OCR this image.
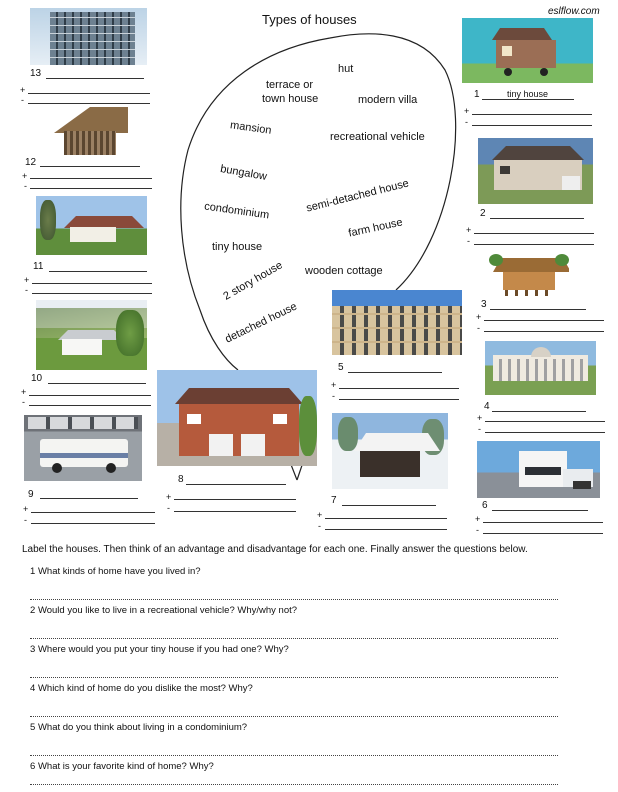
Types of houses
eslflow.com
hut
terrace or
town house	modern villa
mansion
recreational vehicle
bungalow
semi-detached house
condominium
farm house
tiny house
2 story house wooden cottage
detached house
13
+
-
12
+
-
11
+
-
10
+
-
9
+
-
8
+
-
5
+
-
7
+
-
1	tiny house
+
-
2
+
-
3
+
-
4
+
-
6
+
-
Label the houses. Then think of an advantage and disadvantage for each one. Finally answer the questions below.
1 What kinds of home have you lived in?
2 Would you like to live in a recreational vehicle? Why/why not?
3 Where would you put your tiny house if you had one? Why?
4 Which kind of home do you dislike the most? Why?
5 What do you think about living in a condominium?
6 What is your favorite kind of home? Why?
